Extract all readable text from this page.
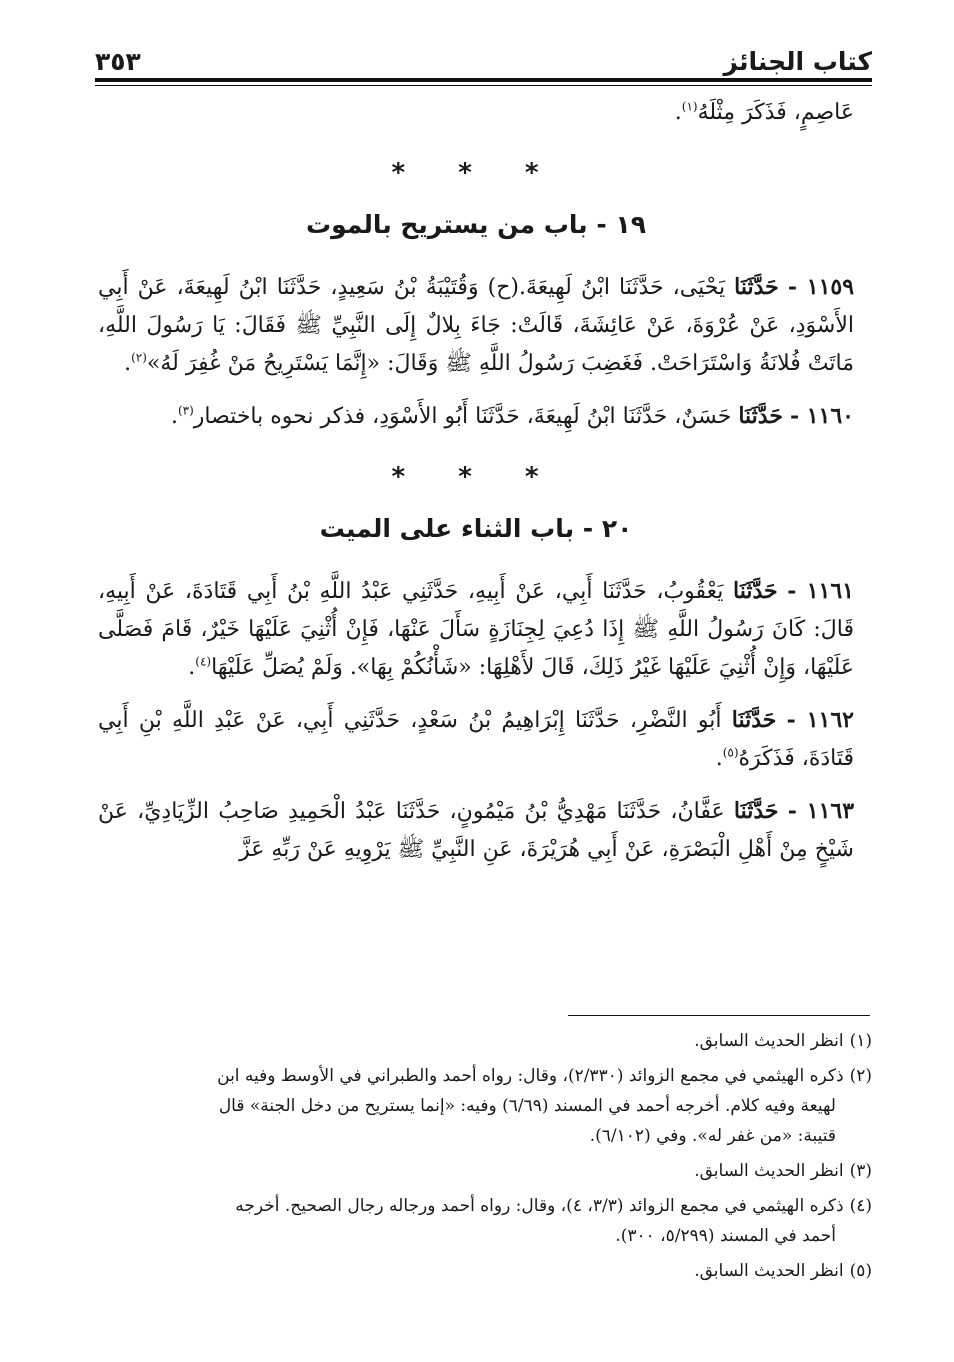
كتاب الجنائز
٣٥٣

عَاصِمٍ، فَذَكَرَ مِثْلَهُ$^{(١)}$.

* * *
١٩ - باب من يستريح بالموت

١١٥٩ - حَدَّثَنَا يَحْيَى، حَدَّثَنَا ابْنُ لَهِيعَةَ.(ح) وَقُتَيْبَةُ بْنُ سَعِيدٍ، حَدَّثَنَا ابْنُ لَهِيعَةَ، عَنْ أَبِي الأَسْوَدِ، عَنْ عُرْوَةَ، عَنْ عَائِشَةَ، قَالَتْ: جَاءَ بِلالٌ إِلَى النَّبِيِّ ﷺ فَقَالَ: يَا رَسُولَ اللَّهِ، مَاتَتْ فُلانَةُ وَاسْتَرَاحَتْ. فَغَضِبَ رَسُولُ اللَّهِ ﷺ وَقَالَ: «إِنَّمَا يَسْتَرِيحُ مَنْ غُفِرَ لَهُ»$^{(٢)}$.

١١٦٠ - حَدَّثَنَا حَسَنٌ، حَدَّثَنَا ابْنُ لَهِيعَةَ، حَدَّثَنَا أَبُو الأَسْوَدِ، فذكر نحوه باختصار$^{(٣)}$.

* * *
٢٠ - باب الثناء على الميت

١١٦١ - حَدَّثَنَا يَعْقُوبُ، حَدَّثَنَا أَبِي، عَنْ أَبِيهِ، حَدَّثَنِي عَبْدُ اللَّهِ بْنُ أَبِي قَتَادَةَ، عَنْ أَبِيهِ، قَالَ: كَانَ رَسُولُ اللَّهِ ﷺ إِذَا دُعِيَ لِجِنَازَةٍ سَأَلَ عَنْهَا، فَإِنْ أُثْنِيَ عَلَيْهَا خَيْرٌ، قَامَ فَصَلَّى عَلَيْهَا، وَإِنْ أُثْنِيَ عَلَيْهَا غَيْرُ ذَلِكَ، قَالَ لأَهْلِهَا: «شَأْنُكُمْ بِهَا». وَلَمْ يُصَلِّ عَلَيْهَا$^{(٤)}$.

١١٦٢ - حَدَّثَنَا أَبُو النَّضْرِ، حَدَّثَنَا إِبْرَاهِيمُ بْنُ سَعْدٍ، حَدَّثَنِي أَبِي، عَنْ عَبْدِ اللَّهِ بْنِ أَبِي قَتَادَةَ، فَذَكَرَهُ$^{(٥)}$.

١١٦٣ - حَدَّثَنَا عَفَّانُ، حَدَّثَنَا مَهْدِيُّ بْنُ مَيْمُونٍ، حَدَّثَنَا عَبْدُ الْحَمِيدِ صَاحِبُ الزِّيَادِيِّ، عَنْ شَيْخٍ مِنْ أَهْلِ الْبَصْرَةِ، عَنْ أَبِي هُرَيْرَةَ، عَنِ النَّبِيِّ ﷺ يَرْوِيهِ عَنْ رَبِّهِ عَزَّ

(١)انظر الحديث السابق.
(٢)ذكره الهيثمي في مجمع الزوائد (٢/٣٣٠)، وقال: رواه أحمد والطبراني في الأوسط وفيه ابن
لهيعة وفيه كلام. أخرجه أحمد في المسند (٦/٦٩) وفيه: «إنما يستريح من دخل الجنة» قال
قتيبة: «من غفر له». وفي (٦/١٠٢).
(٣)انظر الحديث السابق.
(٤)ذكره الهيثمي في مجمع الزوائد (٣/٣، ٤)، وقال: رواه أحمد ورجاله رجال الصحيح. أخرجه
أحمد في المسند (٥/٢٩٩، ٣٠٠).
(٥)انظر الحديث السابق.
